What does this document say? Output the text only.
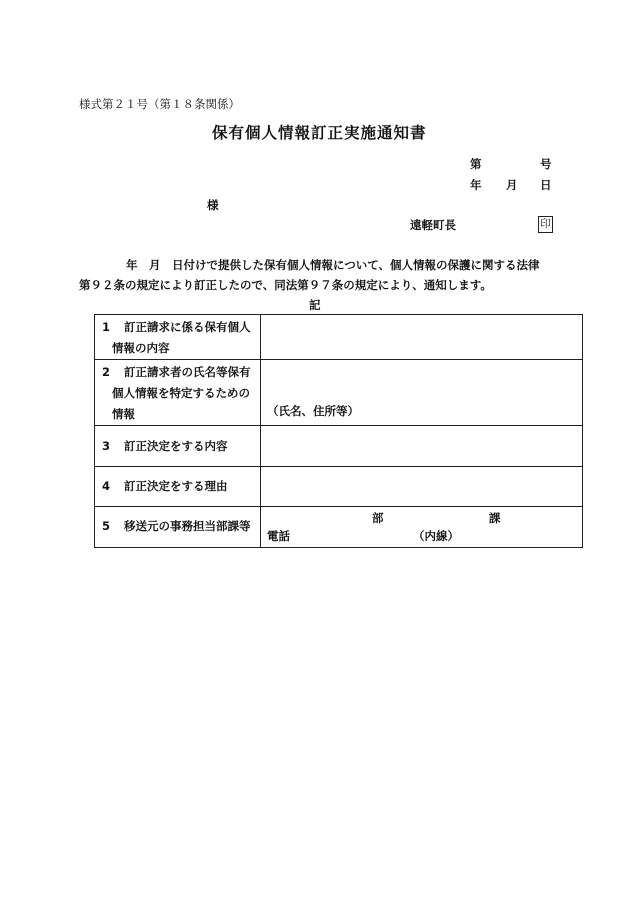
様式第２１号（第１８条関係）
保有個人情報訂正実施通知書
第	号
年 月 日
様
遠軽町長	印
年　月　日付けで提供した保有個人情報について、個人情報の保護に関する法律
第９２条の規定により訂正したので、同法第９７条の規定により、通知します。
記
1 訂正請求に係る保有個人
情報の内容	

2 訂正請求者の氏名等保有
個人情報を特定するための
情報	（氏名、住所等）

3 訂正決定をする内容	

4 訂正決定をする理由	

5 移送元の事務担当部課等	部 課
電話 （内線）
